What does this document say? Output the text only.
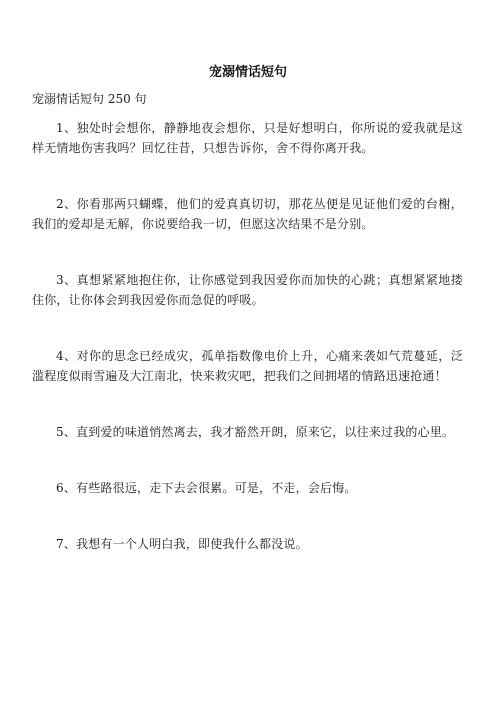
宠溺情话短句
宠溺情话短句 250 句

1、独处时会想你，静静地夜会想你，只是好想明白，你所说的爱我就是这样无情地伤害我吗？回忆往昔，只想告诉你，舍不得你离开我。

2、你看那两只蝴蝶，他们的爱真真切切，那花丛便是见证他们爱的台榭，我们的爱却是无解，你说要给我一切，但愿这次结果不是分别。

3、真想紧紧地抱住你，让你感觉到我因爱你而加快的心跳；真想紧紧地搂住你，让你体会到我因爱你而急促的呼吸。

4、对你的思念已经成灾，孤单指数像电价上升，心痛来袭如气荒蔓延，泛滥程度似雨雪遍及大江南北，快来救灾吧，把我们之间拥堵的情路迅速抢通！

5、直到爱的味道悄然离去，我才豁然开朗，原来它，以往来过我的心里。

6、有些路很远，走下去会很累。可是，不走，会后悔。

7、我想有一个人明白我，即使我什么都没说。
